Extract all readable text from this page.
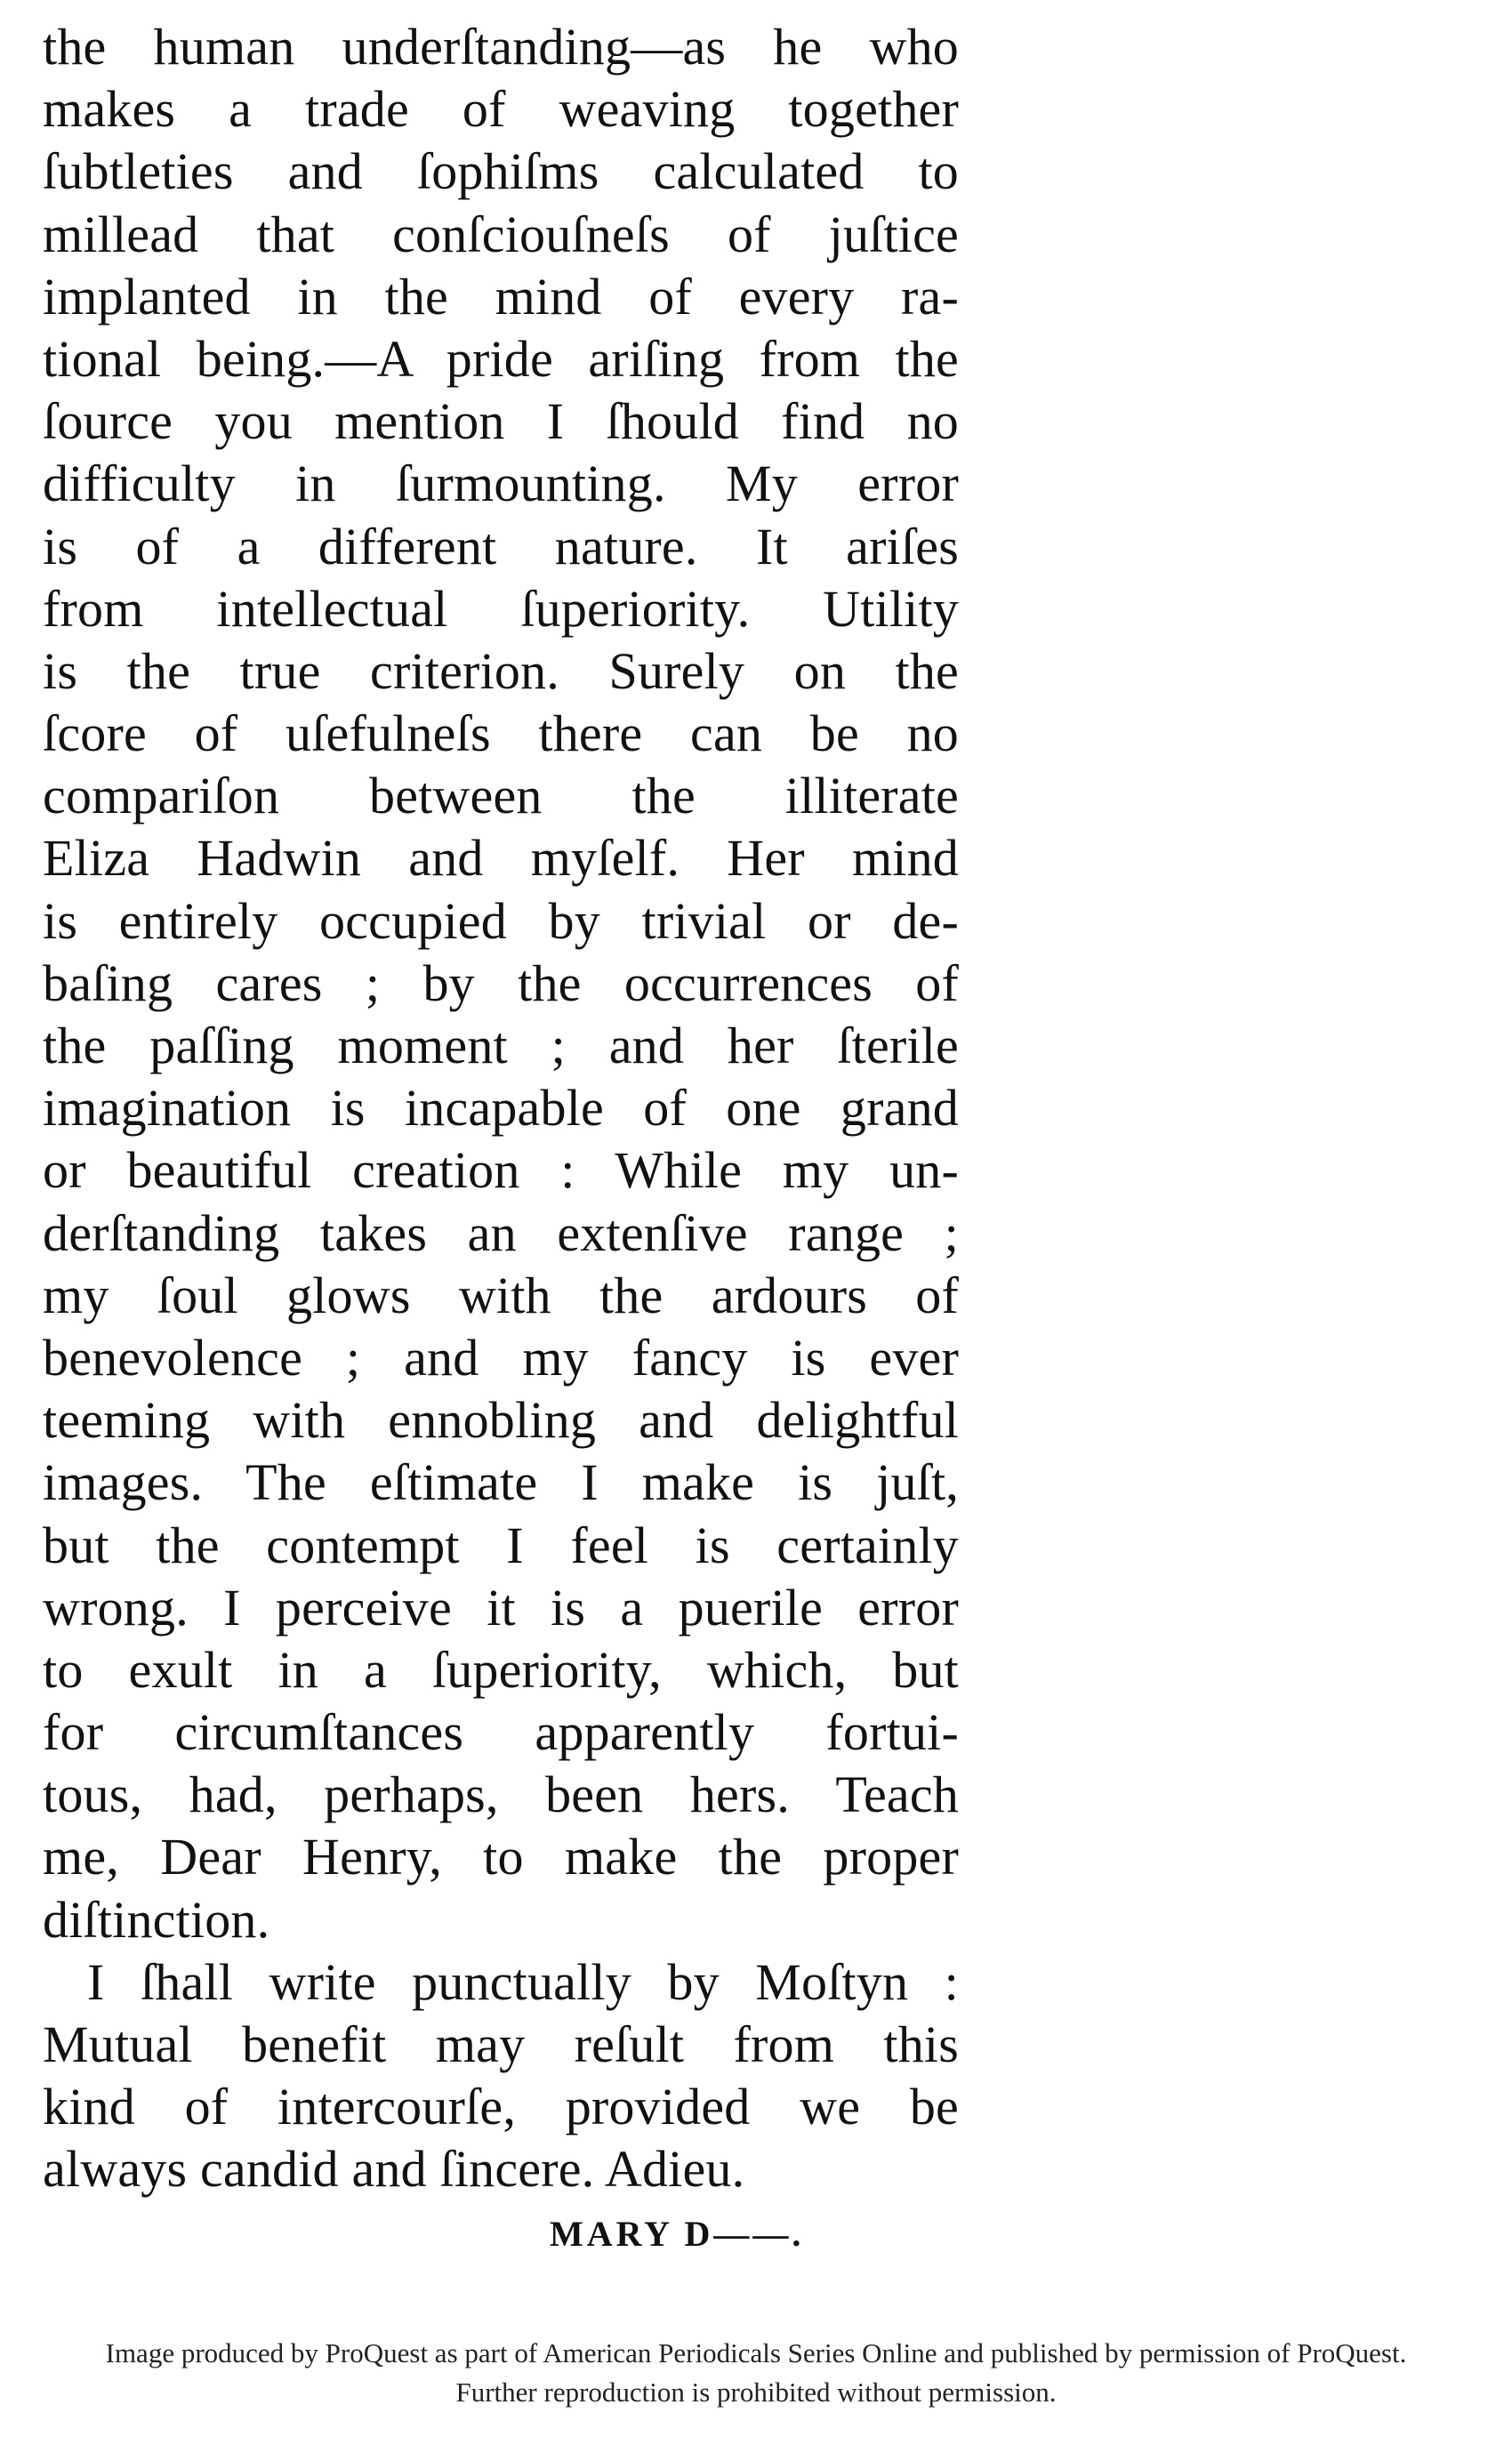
the human underſtanding—as he who
makes a trade of weaving together
ſubtleties and ſophiſms calculated to
millead that conſciouſneſs of juſtice
implanted in the mind of every ra-
tional being.—A pride ariſing from the
ſource you mention I ſhould find no
difficulty in ſurmounting. My error
is of a different nature. It ariſes
from intellectual ſuperiority. Utility
is the true criterion. Surely on the
ſcore of uſefulneſs there can be no
compariſon between the illiterate
Eliza Hadwin and myſelf. Her mind
is entirely occupied by trivial or de-
baſing cares ; by the occurrences of
the paſſing moment ; and her ſterile
imagination is incapable of one grand
or beautiful creation : While my un-
derſtanding takes an extenſive range ;
my ſoul glows with the ardours of
benevolence ; and my fancy is ever
teeming with ennobling and delightful
images. The eſtimate I make is juſt,
but the contempt I feel is certainly
wrong. I perceive it is a puerile error
to exult in a ſuperiority, which, but
for circumſtances apparently fortui-
tous, had, perhaps, been hers. Teach
me, Dear Henry, to make the proper
diſtinction.
I ſhall write punctually by Moſtyn :
Mutual benefit may reſult from this
kind of intercourſe, provided we be
always candid and ſincere. Adieu.
MARY D——.
Image produced by ProQuest as part of American Periodicals Series Online and published by permission of ProQuest.
Further reproduction is prohibited without permission.
